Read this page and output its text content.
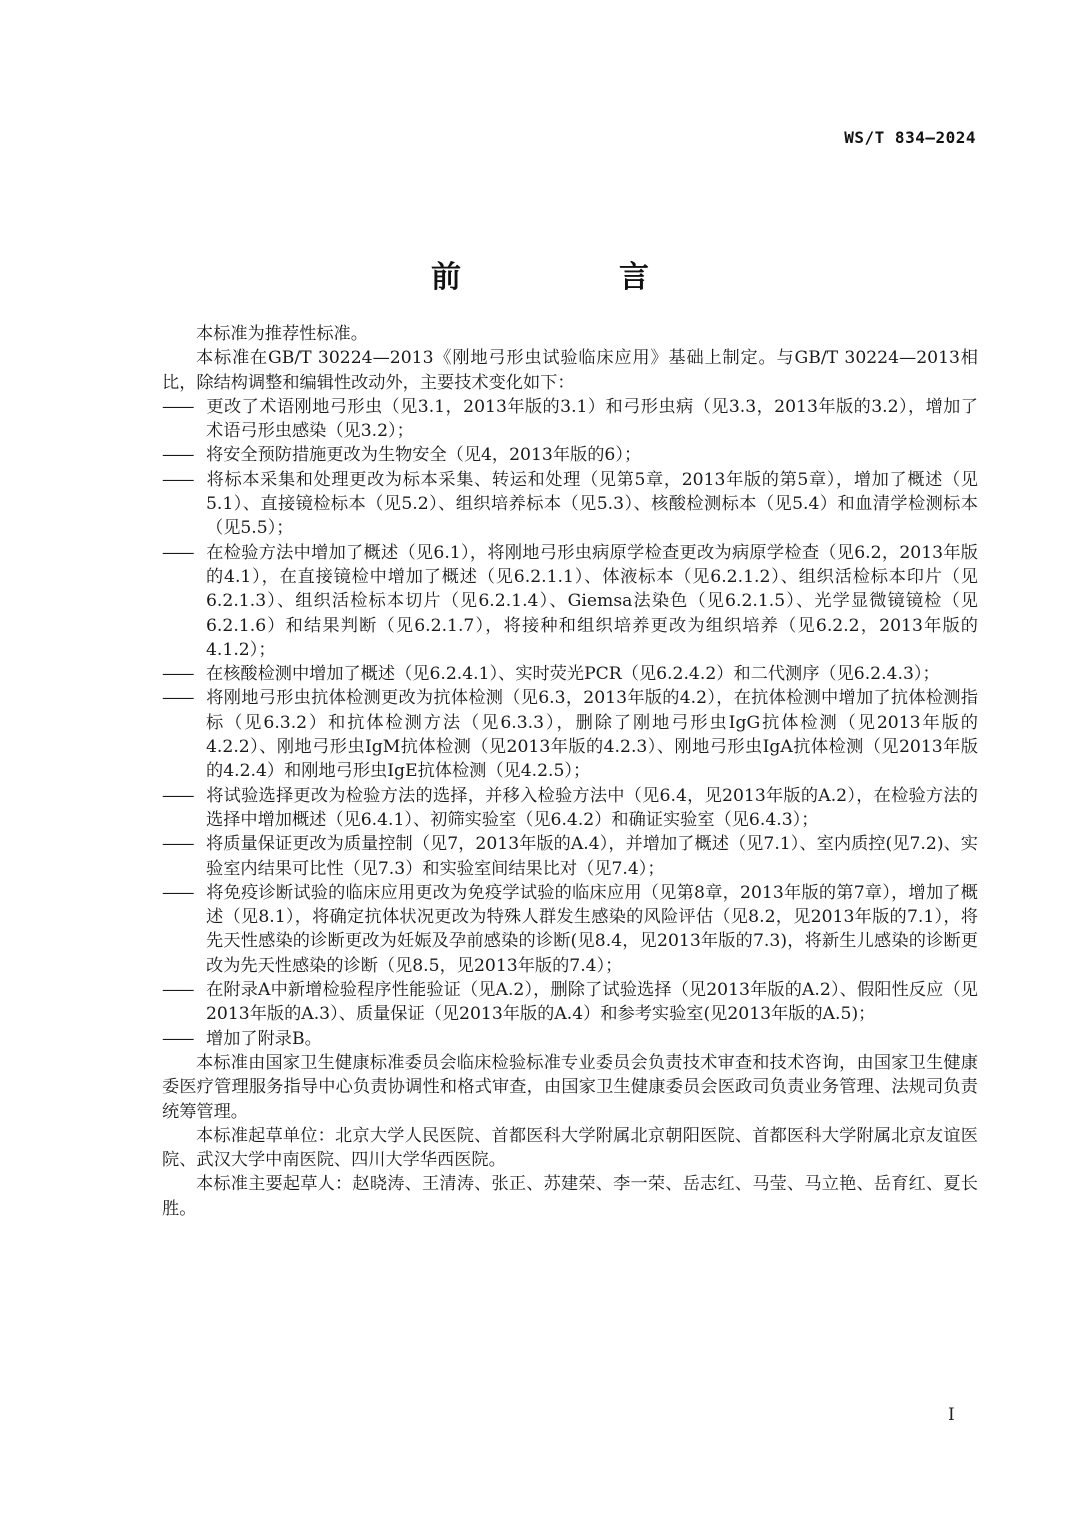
WS/T 834—2024
前　言

本标准为推荐性标准。

本标准在GB/T 30224—2013《刚地弓形虫试验临床应用》基础上制定。与GB/T 30224—2013相比，除结构调整和编辑性改动外，主要技术变化如下：

—— 更改了术语刚地弓形虫（见3.1，2013年版的3.1）和弓形虫病（见3.3，2013年版的3.2），增加了术语弓形虫感染（见3.2）；

—— 将安全预防措施更改为生物安全（见4，2013年版的6）；

—— 将标本采集和处理更改为标本采集、转运和处理（见第5章，2013年版的第5章），增加了概述（见5.1）、直接镜检标本（见5.2）、组织培养标本（见5.3）、核酸检测标本（见5.4）和血清学检测标本（见5.5）；

—— 在检验方法中增加了概述（见6.1），将刚地弓形虫病原学检查更改为病原学检查（见6.2，2013年版的4.1），在直接镜检中增加了概述（见6.2.1.1）、体液标本（见6.2.1.2）、组织活检标本印片（见6.2.1.3）、组织活检标本切片（见6.2.1.4）、Giemsa法染色（见6.2.1.5）、光学显微镜镜检（见6.2.1.6）和结果判断（见6.2.1.7），将接种和组织培养更改为组织培养（见6.2.2，2013年版的4.1.2）；

—— 在核酸检测中增加了概述（见6.2.4.1）、实时荧光PCR（见6.2.4.2）和二代测序（见6.2.4.3）；

—— 将刚地弓形虫抗体检测更改为抗体检测（见6.3，2013年版的4.2），在抗体检测中增加了抗体检测指标（见6.3.2）和抗体检测方法（见6.3.3），删除了刚地弓形虫IgG抗体检测（见2013年版的4.2.2）、刚地弓形虫IgM抗体检测（见2013年版的4.2.3）、刚地弓形虫IgA抗体检测（见2013年版的4.2.4）和刚地弓形虫IgE抗体检测（见4.2.5）；

—— 将试验选择更改为检验方法的选择，并移入检验方法中（见6.4，见2013年版的A.2），在检验方法的选择中增加概述（见6.4.1）、初筛实验室（见6.4.2）和确证实验室（见6.4.3）；

—— 将质量保证更改为质量控制（见7，2013年版的A.4），并增加了概述（见7.1）、室内质控(见7.2)、实验室内结果可比性（见7.3）和实验室间结果比对（见7.4）；

—— 将免疫诊断试验的临床应用更改为免疫学试验的临床应用（见第8章，2013年版的第7章），增加了概述（见8.1），将确定抗体状况更改为特殊人群发生感染的风险评估（见8.2，见2013年版的7.1），将先天性感染的诊断更改为妊娠及孕前感染的诊断(见8.4，见2013年版的7.3)，将新生儿感染的诊断更改为先天性感染的诊断（见8.5，见2013年版的7.4）；

—— 在附录A中新增检验程序性能验证（见A.2），删除了试验选择（见2013年版的A.2）、假阳性反应（见2013年版的A.3）、质量保证（见2013年版的A.4）和参考实验室(见2013年版的A.5)；

—— 增加了附录B。

本标准由国家卫生健康标准委员会临床检验标准专业委员会负责技术审查和技术咨询，由国家卫生健康委医疗管理服务指导中心负责协调性和格式审查，由国家卫生健康委员会医政司负责业务管理、法规司负责统筹管理。

本标准起草单位：北京大学人民医院、首都医科大学附属北京朝阳医院、首都医科大学附属北京友谊医院、武汉大学中南医院、四川大学华西医院。

本标准主要起草人：赵晓涛、王清涛、张正、苏建荣、李一荣、岳志红、马莹、马立艳、岳育红、夏长胜。

I
